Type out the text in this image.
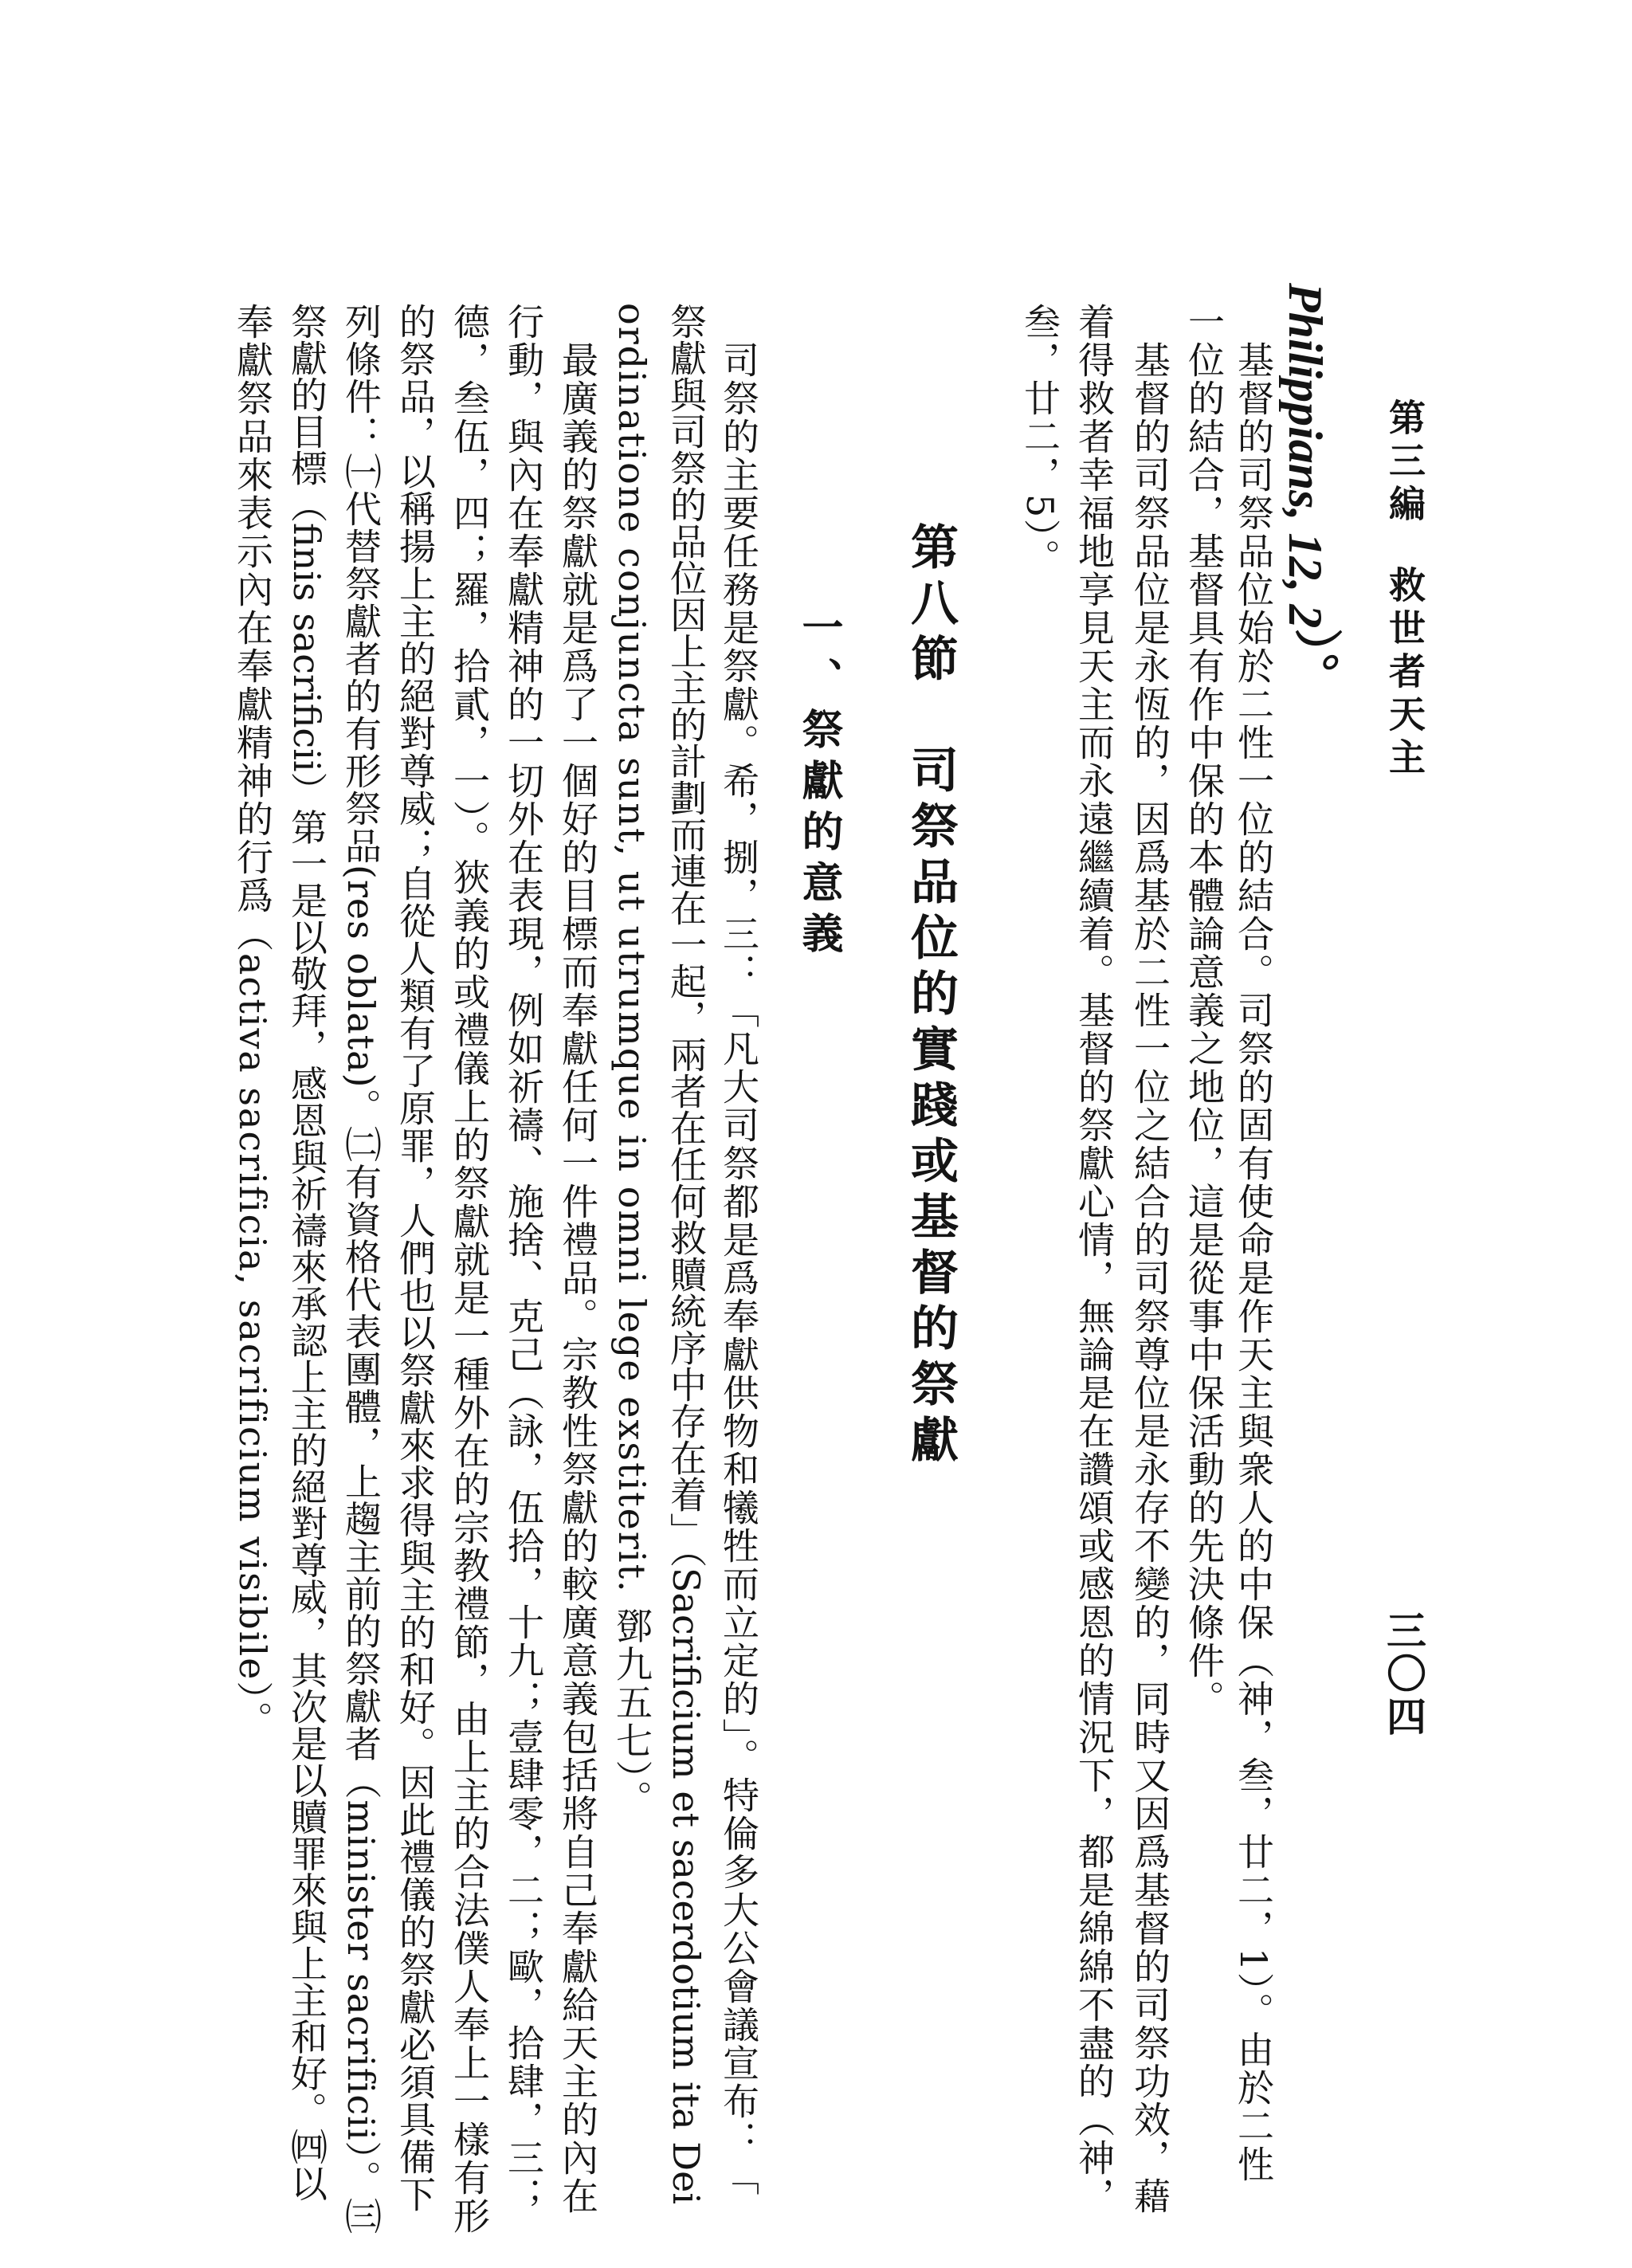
第三編  救世者天主
三〇四
Philippians, 12, 2）。
　基督的司祭品位始於二性一位的結合。司祭的固有使命是作天主與衆人的中保（神，叁，廿二，1）。由於二性
一位的結合，基督具有作中保的本體論意義之地位，這是從事中保活動的先決條件。
　基督的司祭品位是永恆的，因爲基於二性一位之結合的司祭尊位是永存不變的，同時又因爲基督的司祭功效，藉
着得救者幸福地享見天主而永遠繼續着。基督的祭獻心情，無論是在讚頌或感恩的情況下，都是綿綿不盡的（神，
叁，廿二，5）。
第八節　司祭品位的實踐或基督的祭獻
一、祭獻的意義
　司祭的主要任務是祭獻。希，捌，三：「凡大司祭都是爲奉獻供物和犧牲而立定的」。特倫多大公會議宣布：「
祭獻與司祭的品位因上主的計劃而連在一起，兩者在任何救贖統序中存在着」（Sacrificium et sacerdotium ita Dei
ordinatione conjuncta sunt, ut utrumque in omni lege exstiterit. 鄧九五七）。
　最廣義的祭獻就是爲了一個好的目標而奉獻任何一件禮品。宗教性祭獻的較廣意義包括將自己奉獻給天主的內在
行動，與內在奉獻精神的一切外在表現，例如祈禱、施捨、克己（詠，伍拾，十九；壹肆零，二；歐，拾肆，三；
德，叁伍，四；羅，拾貳，一）。狹義的或禮儀上的祭獻就是一種外在的宗教禮節，由上主的合法僕人奉上一樣有形
的祭品，以稱揚上主的絕對尊威；自從人類有了原罪，人們也以祭獻來求得與主的和好。因此禮儀的祭獻必須具備下
列條件：㈠代替祭獻者的有形祭品(res oblata)。㈡有資格代表團體，上趨主前的祭獻者（minister sacrificii）。㈢
祭獻的目標（finis sacrificii）第一是以敬拜，感恩與祈禱來承認上主的絕對尊威，其次是以贖罪來與上主和好。㈣以
奉獻祭品來表示內在奉獻精神的行爲（activa sacrificia, sacrificium visibile）。
